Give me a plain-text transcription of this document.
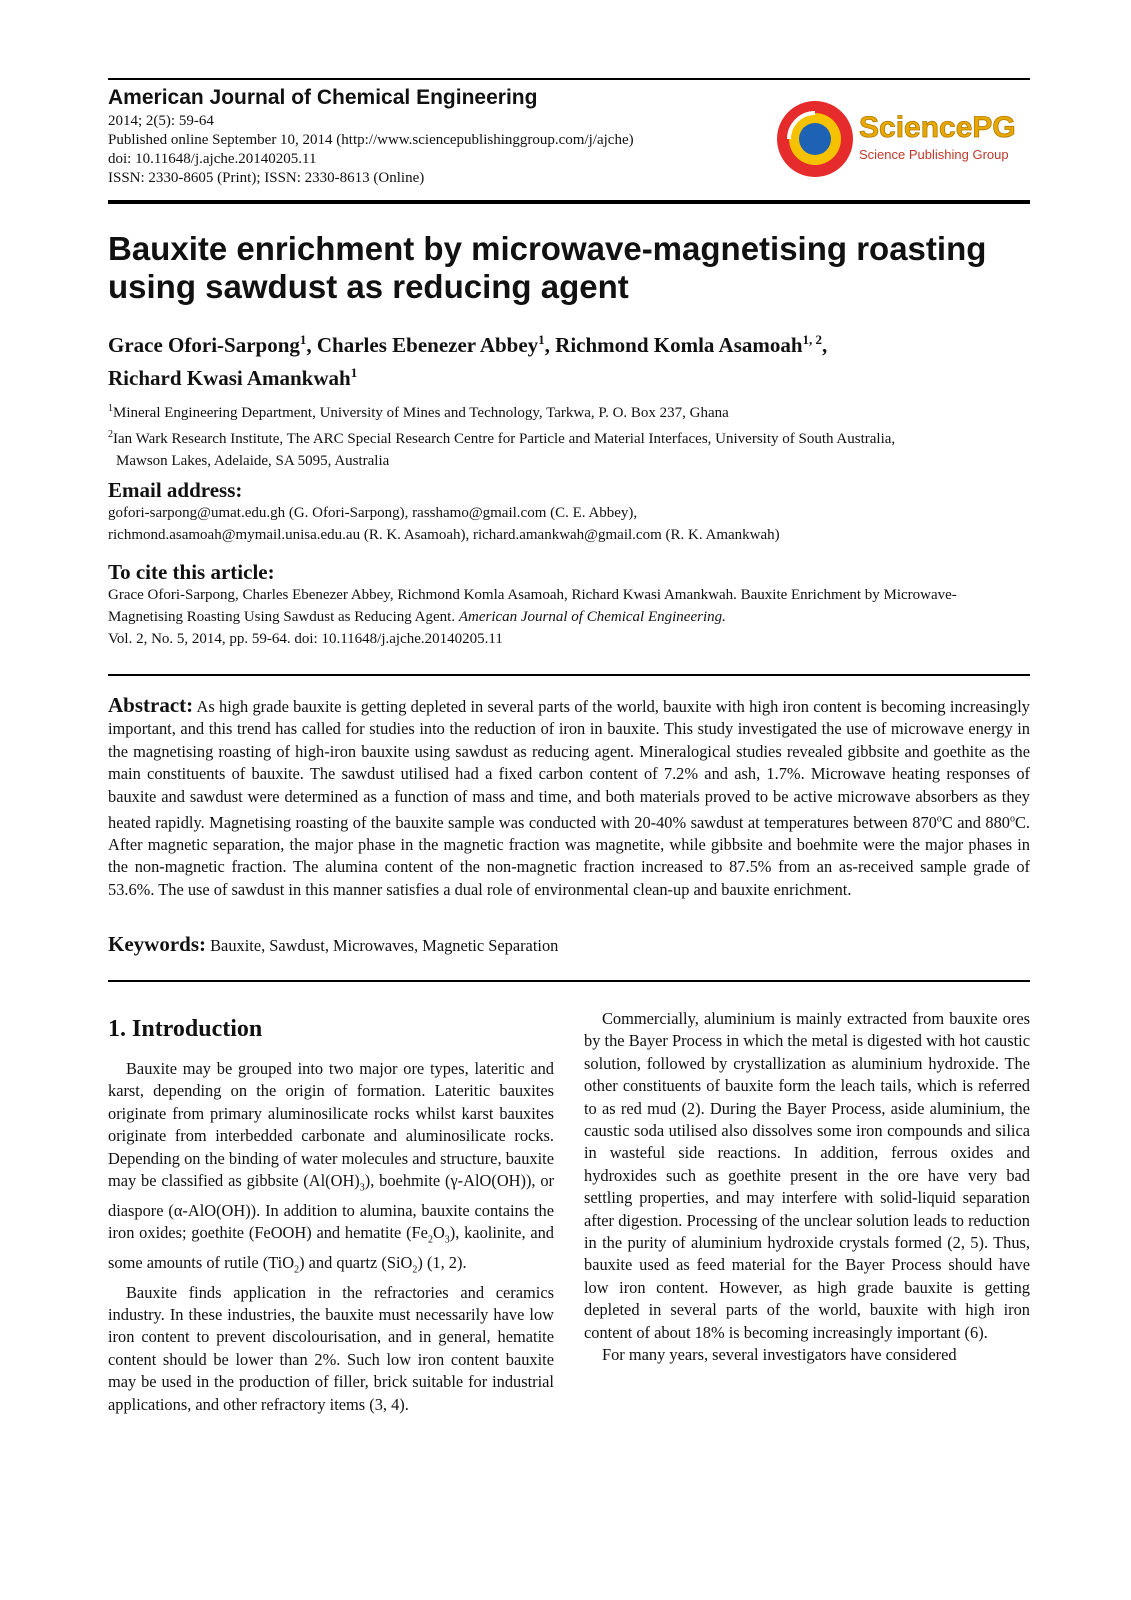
American Journal of Chemical Engineering
2014; 2(5): 59-64
Published online September 10, 2014 (http://www.sciencepublishinggroup.com/j/ajche)
doi: 10.11648/j.ajche.20140205.11
ISSN: 2330-8605 (Print); ISSN: 2330-8613 (Online)
SciencePG
Science Publishing Group
Bauxite enrichment by microwave-magnetising roasting
using sawdust as reducing agent
Grace Ofori-Sarpong$^1$, Charles Ebenezer Abbey$^1$, Richmond Komla Asamoah$^{1, 2}$,
Richard Kwasi Amankwah$^1$
$^1$Mineral Engineering Department, University of Mines and Technology, Tarkwa, P. O. Box 237, Ghana
$^2$Ian Wark Research Institute, The ARC Special Research Centre for Particle and Material Interfaces, University of South Australia,
Mawson Lakes, Adelaide, SA 5095, Australia
Email address:
gofori-sarpong@umat.edu.gh (G. Ofori-Sarpong), rasshamo@gmail.com (C. E. Abbey),
richmond.asamoah@mymail.unisa.edu.au (R. K. Asamoah), richard.amankwah@gmail.com (R. K. Amankwah)
To cite this article:
Grace Ofori-Sarpong, Charles Ebenezer Abbey, Richmond Komla Asamoah, Richard Kwasi Amankwah. Bauxite Enrichment by Microwave-Magnetising Roasting Using Sawdust as Reducing Agent. American Journal of Chemical Engineering.
Vol. 2, No. 5, 2014, pp. 59-64. doi: 10.11648/j.ajche.20140205.11
Abstract: As high grade bauxite is getting depleted in several parts of the world, bauxite with high iron content is becoming increasingly important, and this trend has called for studies into the reduction of iron in bauxite. This study investigated the use of microwave energy in the magnetising roasting of high-iron bauxite using sawdust as reducing agent. Mineralogical studies revealed gibbsite and goethite as the main constituents of bauxite. The sawdust utilised had a fixed carbon content of 7.2% and ash, 1.7%. Microwave heating responses of bauxite and sawdust were determined as a function of mass and time, and both materials proved to be active microwave absorbers as they heated rapidly. Magnetising roasting of the bauxite sample was conducted with 20-40% sawdust at temperatures between 870$^o$C and 880$^o$C. After magnetic separation, the major phase in the magnetic fraction was magnetite, while gibbsite and boehmite were the major phases in the non-magnetic fraction. The alumina content of the non-magnetic fraction increased to 87.5% from an as-received sample grade of 53.6%. The use of sawdust in this manner satisfies a dual role of environmental clean-up and bauxite enrichment.
Keywords: Bauxite, Sawdust, Microwaves, Magnetic Separation
1. Introduction

Bauxite may be grouped into two major ore types, lateritic and karst, depending on the origin of formation. Lateritic bauxites originate from primary aluminosilicate rocks whilst karst bauxites originate from interbedded carbonate and aluminosilicate rocks. Depending on the binding of water molecules and structure, bauxite may be classified as gibbsite $(Al(OH)_3)$, boehmite (γ-AlO(OH)), or diaspore (α-AlO(OH)). In addition to alumina, bauxite contains the iron oxides; goethite (FeOOH) and hematite $(Fe_2O_3)$, kaolinite, and some amounts of rutile (TiO$_2$) and quartz (SiO$_2$) (1, 2).

Bauxite finds application in the refractories and ceramics industry. In these industries, the bauxite must necessarily have low iron content to prevent discolourisation, and in general, hematite content should be lower than 2%. Such low iron content bauxite may be used in the production of filler, brick suitable for industrial applications, and other refractory items (3, 4).

Commercially, aluminium is mainly extracted from bauxite ores by the Bayer Process in which the metal is digested with hot caustic solution, followed by crystallization as aluminium hydroxide. The other constituents of bauxite form the leach tails, which is referred to as red mud (2). During the Bayer Process, aside aluminium, the caustic soda utilised also dissolves some iron compounds and silica in wasteful side reactions. In addition, ferrous oxides and hydroxides such as goethite present in the ore have very bad settling properties, and may interfere with solid-liquid separation after digestion. Processing of the unclear solution leads to reduction in the purity of aluminium hydroxide crystals formed (2, 5). Thus, bauxite used as feed material for the Bayer Process should have low iron content. However, as high grade bauxite is getting depleted in several parts of the world, bauxite with high iron content of about 18% is becoming increasingly important (6).

For many years, several investigators have considered
